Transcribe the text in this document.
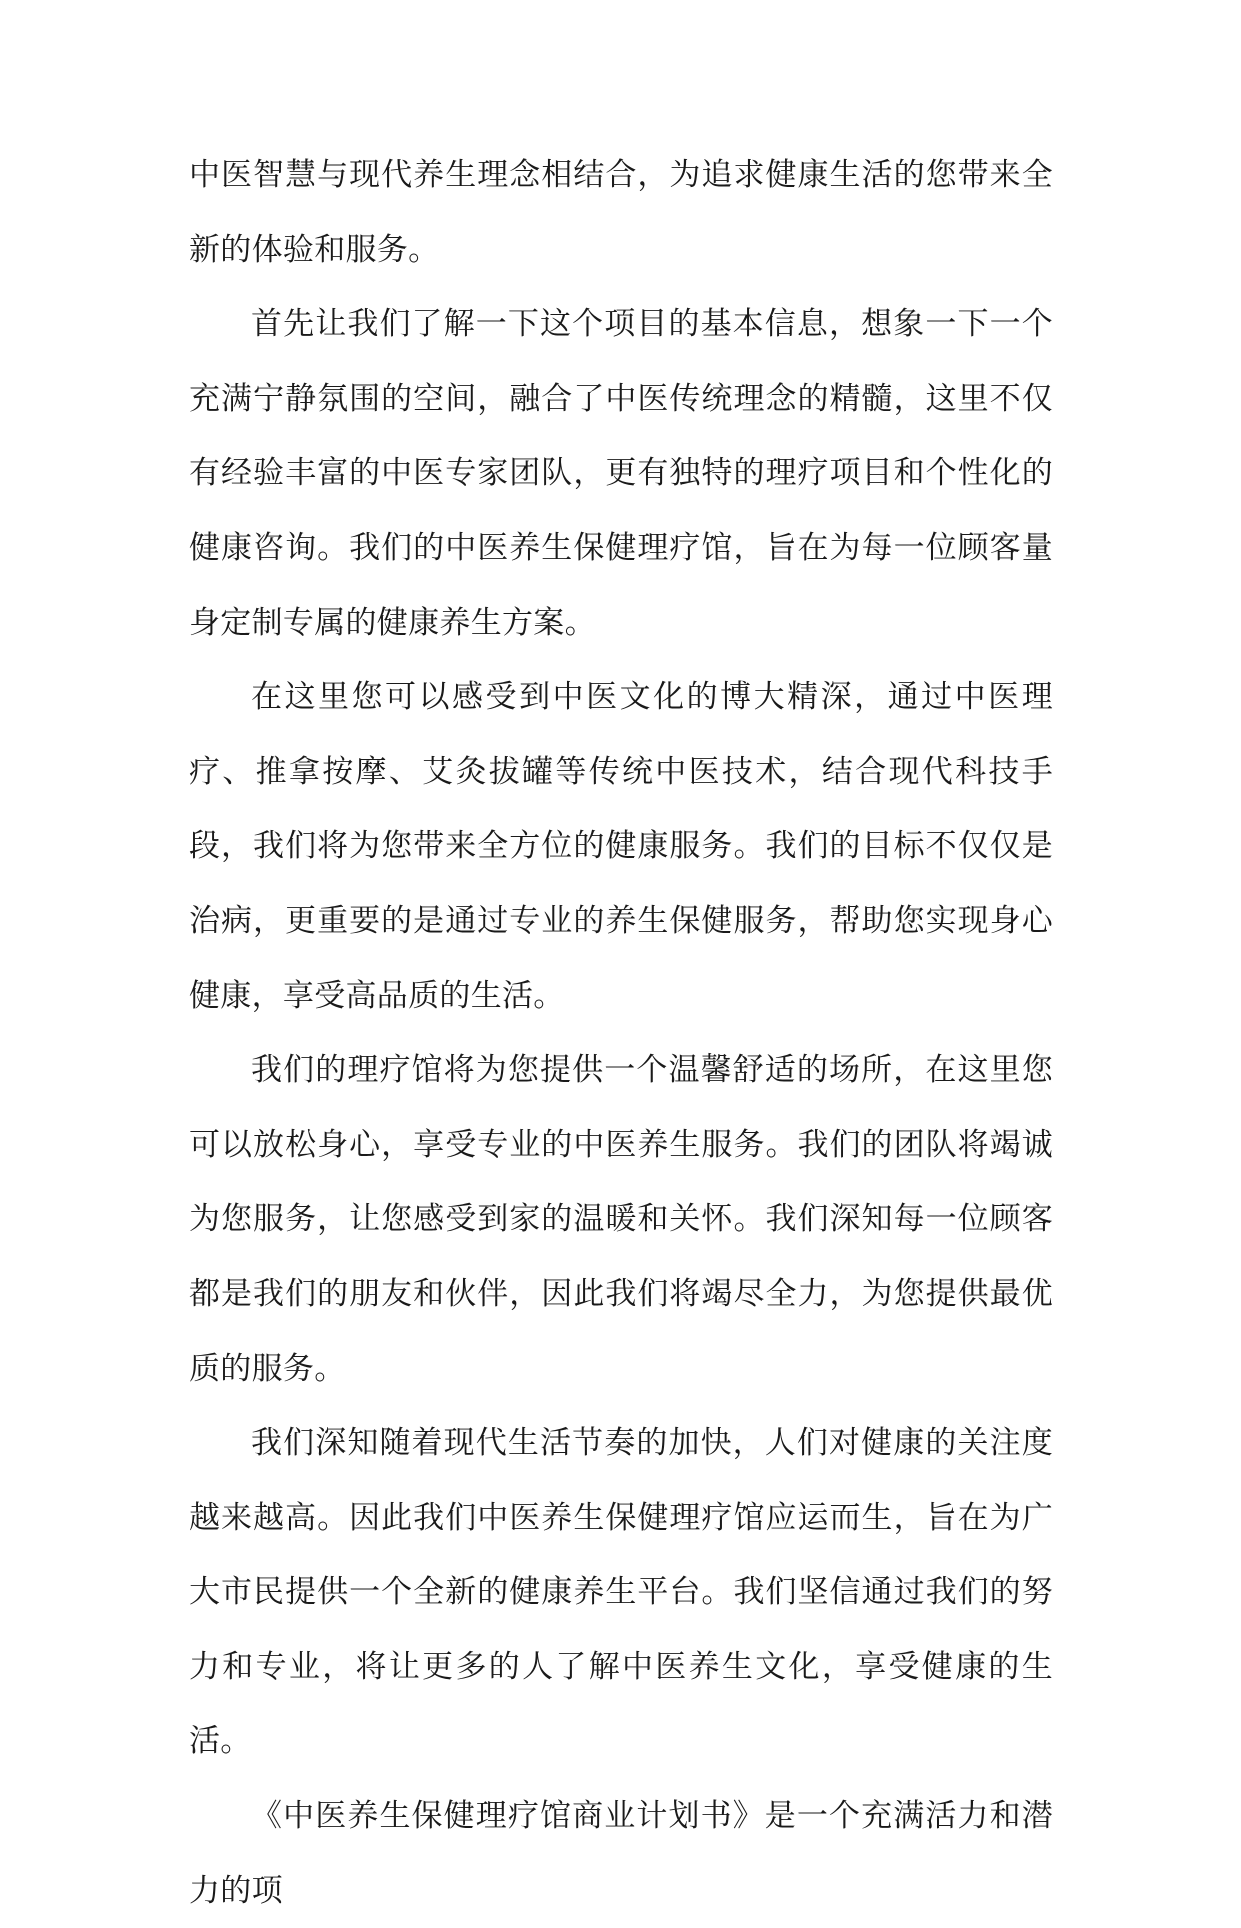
中医智慧与现代养生理念相结合，为追求健康生活的您带来全新的体验和服务。

首先让我们了解一下这个项目的基本信息，想象一下一个充满宁静氛围的空间，融合了中医传统理念的精髓，这里不仅有经验丰富的中医专家团队，更有独特的理疗项目和个性化的健康咨询。我们的中医养生保健理疗馆，旨在为每一位顾客量身定制专属的健康养生方案。

在这里您可以感受到中医文化的博大精深，通过中医理疗、推拿按摩、艾灸拔罐等传统中医技术，结合现代科技手段，我们将为您带来全方位的健康服务。我们的目标不仅仅是治病，更重要的是通过专业的养生保健服务，帮助您实现身心健康，享受高品质的生活。

我们的理疗馆将为您提供一个温馨舒适的场所，在这里您可以放松身心，享受专业的中医养生服务。我们的团队将竭诚为您服务，让您感受到家的温暖和关怀。我们深知每一位顾客都是我们的朋友和伙伴，因此我们将竭尽全力，为您提供最优质的服务。

我们深知随着现代生活节奏的加快，人们对健康的关注度越来越高。因此我们中医养生保健理疗馆应运而生，旨在为广大市民提供一个全新的健康养生平台。我们坚信通过我们的努力和专业，将让更多的人了解中医养生文化，享受健康的生活。

《中医养生保健理疗馆商业计划书》是一个充满活力和潜力的项
